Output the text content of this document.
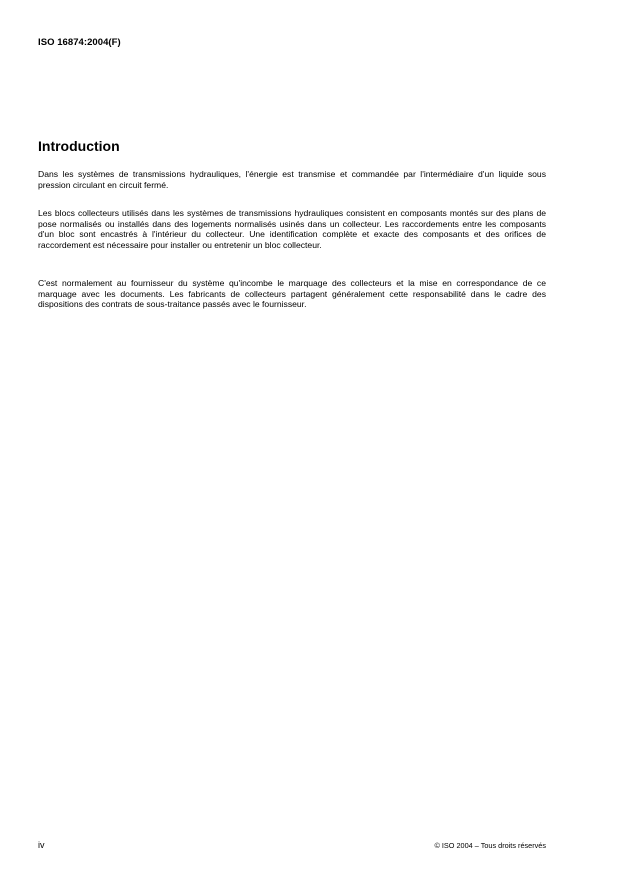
ISO 16874:2004(F)
Introduction

Dans les systèmes de transmissions hydrauliques, l'énergie est transmise et commandée par l'intermédiaire d'un liquide sous pression circulant en circuit fermé.

Les blocs collecteurs utilisés dans les systèmes de transmissions hydrauliques consistent en composants montés sur des plans de pose normalisés ou installés dans des logements normalisés usinés dans un collecteur. Les raccordements entre les composants d'un bloc sont encastrés à l'intérieur du collecteur. Une identification complète et exacte des composants et des orifices de raccordement est nécessaire pour installer ou entretenir un bloc collecteur.

C'est normalement au fournisseur du système qu'incombe le marquage des collecteurs et la mise en correspondance de ce marquage avec les documents. Les fabricants de collecteurs partagent généralement cette responsabilité dans le cadre des dispositions des contrats de sous-traitance passés avec le fournisseur.

iv	© ISO 2004 – Tous droits réservés
